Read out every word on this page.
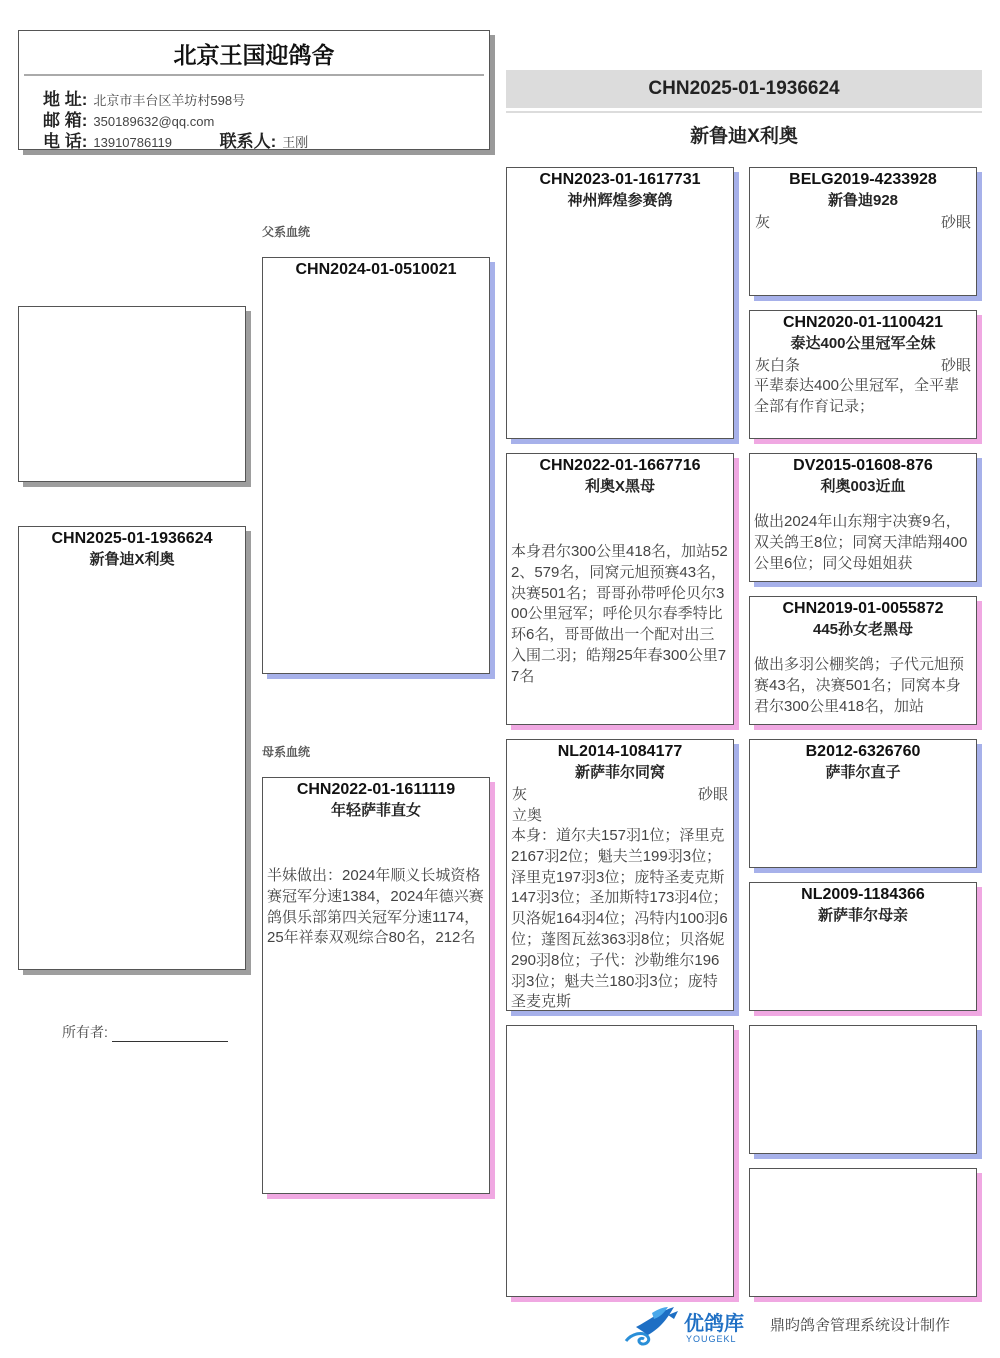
北京王国迎鸽舍
地 址: 北京市丰台区羊坊村598号
邮 箱: 350189632@qq.com
电 话: 13910786119	联系人: 王刚
CHN2025-01-1936624
新鲁迪X利奥
CHN2025-01-1936624
新鲁迪X利奥
所有者:
父系血统
CHN2024-01-0510021
母系血统
CHN2022-01-1611119
年轻萨菲直女
半妹做出：2024年顺义长城资格赛冠军分速1384，2024年德兴赛鸽俱乐部第四关冠军分速1174，25年祥泰双观综合80名，212名
CHN2023-01-1617731
神州辉煌参赛鸽
CHN2022-01-1667716
利奥X黑母
本身君尔300公里418名，加站522、579名，同窝元旭预赛43名，决赛501名；哥哥孙带呼伦贝尔300公里冠军；呼伦贝尔春季特比环6名，哥哥做出一个配对出三入围二羽；皓翔25年春300公里77名
NL2014-1084177
新萨菲尔同窝
灰	砂眼
立奥
本身：道尔夫157羽1位；泽里克2167羽2位；魁夫兰199羽3位；泽里克197羽3位；庞特圣麦克斯147羽3位；圣加斯特173羽4位；贝洛妮164羽4位；冯特内100羽6位；蓬图瓦兹363羽8位；贝洛妮290羽8位；子代：沙勒维尔196羽3位；魁夫兰180羽3位；庞特圣麦克斯
BELG2019-4233928
新鲁迪928
灰	砂眼
CHN2020-01-1100421
泰达400公里冠军全妹
灰白条	砂眼
平辈泰达400公里冠军，全平辈全部有作育记录；
DV2015-01608-876
利奥003近血
做出2024年山东翔宇决赛9名，双关鸽王8位；同窝天津皓翔400公里6位；同父母姐姐获
CHN2019-01-0055872
445孙女老黑母
做出多羽公棚奖鸽；子代元旭预赛43名，决赛501名；同窝本身君尔300公里418名，加站
B2012-6326760
萨菲尔直子
NL2009-1184366
新萨菲尔母亲
优鸽库
YOUGEKL
鼎昀鸽舍管理系统设计制作
